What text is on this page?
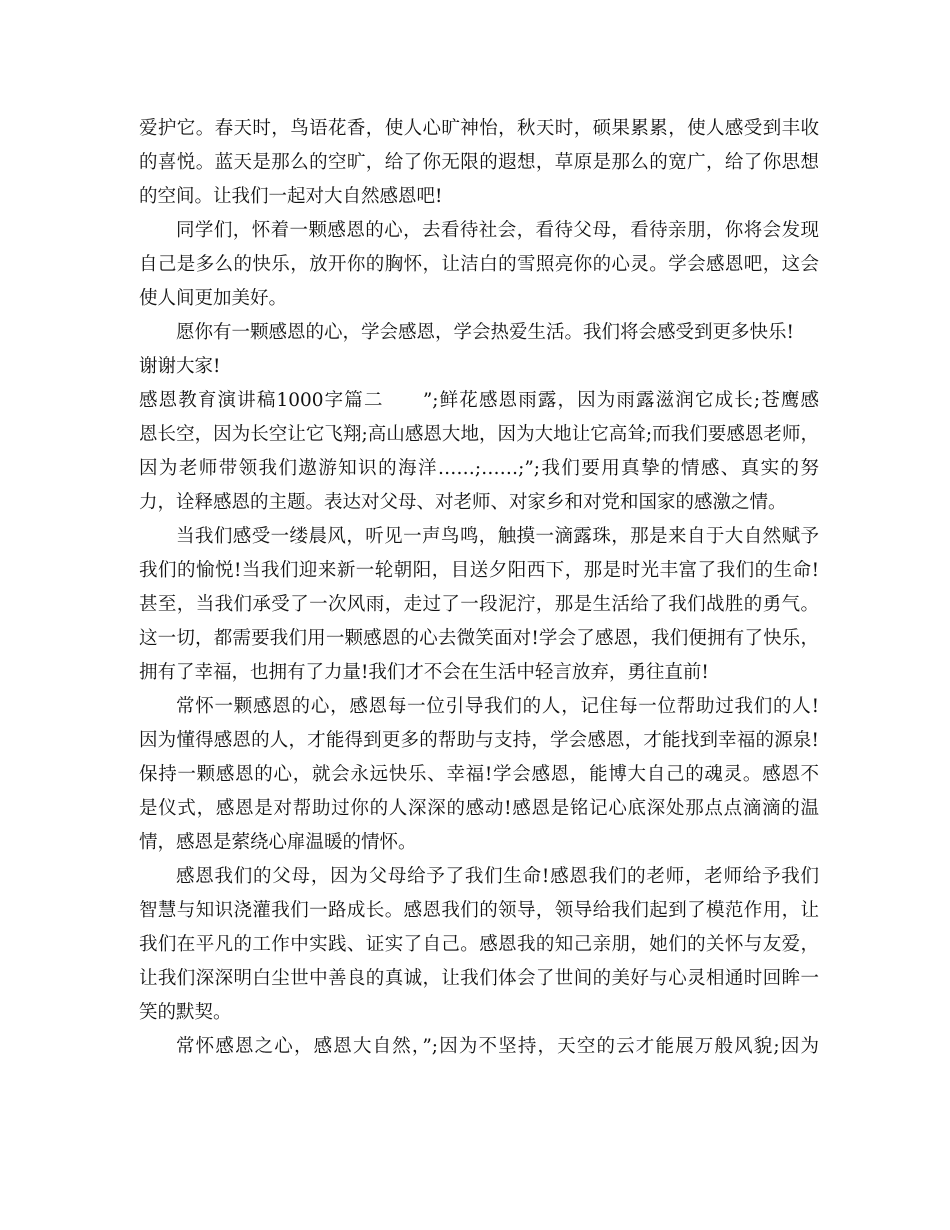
爱护它。春天时，鸟语花香，使人心旷神怡，秋天时，硕果累累，使人感受到丰收
的喜悦。蓝天是那么的空旷，给了你无限的遐想，草原是那么的宽广，给了你思想
的空间。让我们一起对大自然感恩吧!
同学们，怀着一颗感恩的心，去看待社会，看待父母，看待亲朋，你将会发现
自己是多么的快乐，放开你的胸怀，让洁白的雪照亮你的心灵。学会感恩吧，这会
使人间更加美好。
愿你有一颗感恩的心，学会感恩，学会热爱生活。我们将会感受到更多快乐!
谢谢大家!
感恩教育演讲稿1000字篇二　　”;鲜花感恩雨露，因为雨露滋润它成长;苍鹰感
恩长空，因为长空让它飞翔;高山感恩大地，因为大地让它高耸;而我们要感恩老师，
因为老师带领我们遨游知识的海洋……;……;”;我们要用真挚的情感、真实的努
力，诠释感恩的主题。表达对父母、对老师、对家乡和对党和国家的感激之情。
当我们感受一缕晨风，听见一声鸟鸣，触摸一滴露珠，那是来自于大自然赋予
我们的愉悦!当我们迎来新一轮朝阳，目送夕阳西下，那是时光丰富了我们的生命!
甚至，当我们承受了一次风雨，走过了一段泥泞，那是生活给了我们战胜的勇气。
这一切，都需要我们用一颗感恩的心去微笑面对!学会了感恩，我们便拥有了快乐，
拥有了幸福，也拥有了力量!我们才不会在生活中轻言放弃，勇往直前!
常怀一颗感恩的心，感恩每一位引导我们的人，记住每一位帮助过我们的人!
因为懂得感恩的人，才能得到更多的帮助与支持，学会感恩，才能找到幸福的源泉!
保持一颗感恩的心，就会永远快乐、幸福!学会感恩，能博大自己的魂灵。感恩不
是仪式，感恩是对帮助过你的人深深的感动!感恩是铭记心底深处那点点滴滴的温
情，感恩是萦绕心扉温暖的情怀。
感恩我们的父母，因为父母给予了我们生命!感恩我们的老师，老师给予我们
智慧与知识浇灌我们一路成长。感恩我们的领导，领导给我们起到了模范作用，让
我们在平凡的工作中实践、证实了自己。感恩我的知己亲朋，她们的关怀与友爱，
让我们深深明白尘世中善良的真诚，让我们体会了世间的美好与心灵相通时回眸一
笑的默契。
常怀感恩之心，感恩大自然，”;因为不坚持，天空的云才能展万般风貌;因为
